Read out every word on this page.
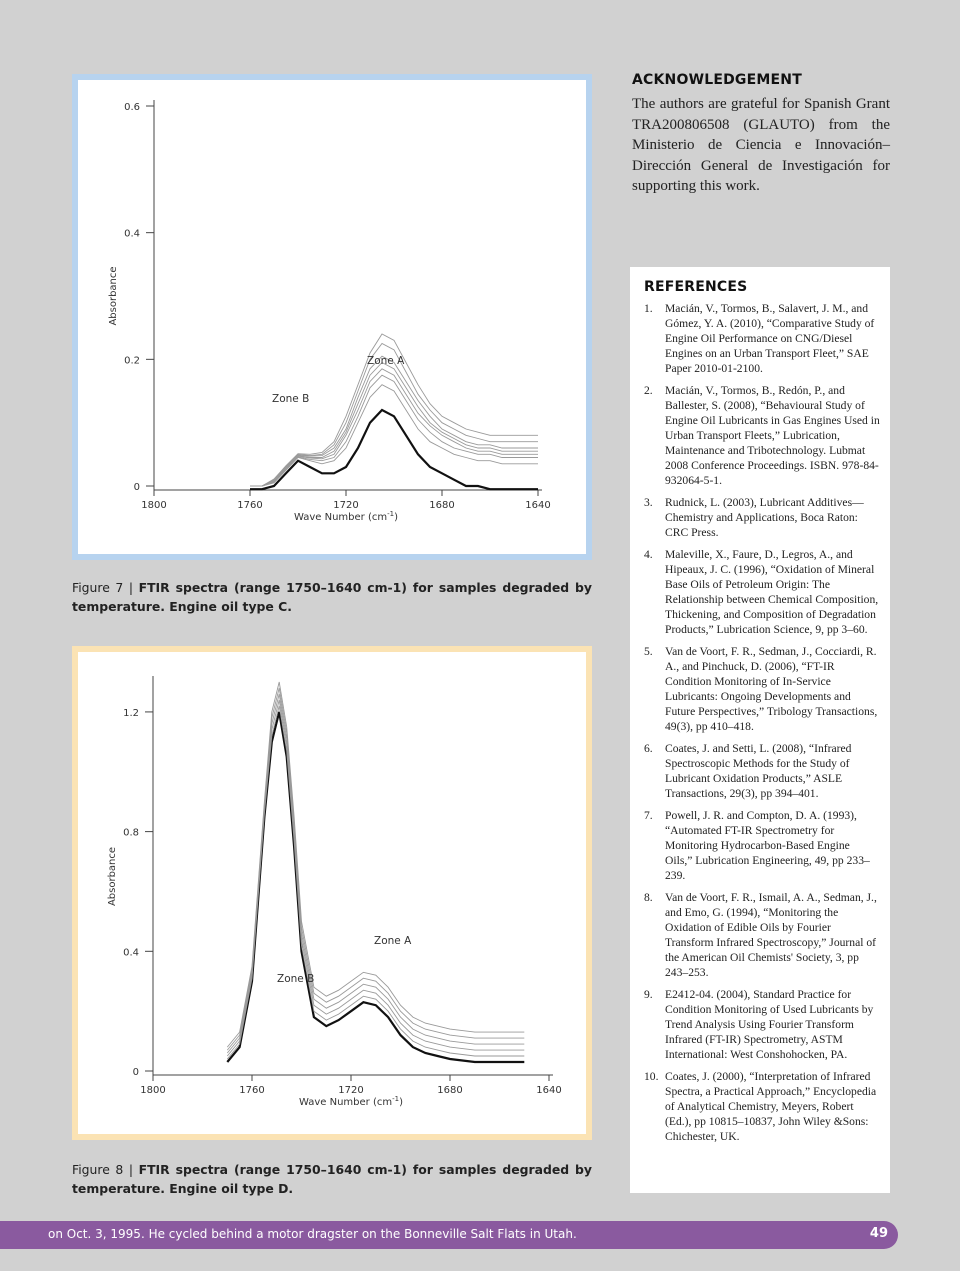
0
0.2
0.4
0.6
1800	1760	1720	1680	1640
Wave Number $(cm^{-1})$
Absorbance
Zone A
Zone B
Figure 7 | FTIR spectra (range 1750–1640 cm-1) for samples degraded by temperature. Engine oil type C.
0
0.4
0.8
1.2
1800	1760	1720	1680	1640
Wave Number $(cm^{-1})$
Absorbance
Zone A
Zone B
Figure 8 | FTIR spectra (range 1750–1640 cm-1) for samples degraded by temperature. Engine oil type D.
ACKNOWLEDGEMENT
The authors are grateful for Spanish Grant TRA200806508 (GLAUTO) from the Ministerio de Ciencia e Innovación–Dirección General de Investigación for supporting this work.
REFERENCES
1. Macián, V., Tormos, B., Salavert, J. M., and Gómez, Y. A. (2010), “Comparative Study of Engine Oil Performance on CNG/Diesel Engines on an Urban Transport Fleet,” SAE Paper 2010-01-2100.
2. Macián, V., Tormos, B., Redón, P., and Ballester, S. (2008), “Behavioural Study of Engine Oil Lubricants in Gas Engines Used in Urban Transport Fleets,” Lubrication, Maintenance and Tribotechnology. Lubmat 2008 Conference Proceedings. ISBN. 978-84-932064-5-1.
3. Rudnick, L. (2003), Lubricant Additives—Chemistry and Applications, Boca Raton: CRC Press.
4. Maleville, X., Faure, D., Legros, A., and Hipeaux, J. C. (1996), “Oxidation of Mineral Base Oils of Petroleum Origin: The Relationship between Chemical Composition, Thickening, and Composition of Degradation Products,” Lubrication Science, 9, pp 3–60.
5. Van de Voort, F. R., Sedman, J., Cocciardi, R. A., and Pinchuck, D. (2006), “FT-IR Condition Monitoring of In-Service Lubricants: Ongoing Developments and Future Perspectives,” Tribology Transactions, 49(3), pp 410–418.
6. Coates, J. and Setti, L. (2008), “Infrared Spectroscopic Methods for the Study of Lubricant Oxidation Products,” ASLE Transactions, 29(3), pp 394–401.
7. Powell, J. R. and Compton, D. A. (1993), “Automated FT-IR Spectrometry for Monitoring Hydrocarbon-Based Engine Oils,” Lubrication Engineering, 49, pp 233–239.
8. Van de Voort, F. R., Ismail, A. A., Sedman, J., and Emo, G. (1994), “Monitoring the Oxidation of Edible Oils by Fourier Transform Infrared Spectroscopy,” Journal of the American Oil Chemists' Society, 3, pp 243–253.
9. E2412-04. (2004), Standard Practice for Condition Monitoring of Used Lubricants by Trend Analysis Using Fourier Transform Infrared (FT-IR) Spectrometry, ASTM International: West Conshohocken, PA.
10. Coates, J. (2000), “Interpretation of Infrared Spectra, a Practical Approach,” Encyclopedia of Analytical Chemistry, Meyers, Robert (Ed.), pp 10815–10837, John Wiley &Sons: Chichester, UK.
on Oct. 3, 1995. He cycled behind a motor dragster on the Bonneville Salt Flats in Utah.	49
